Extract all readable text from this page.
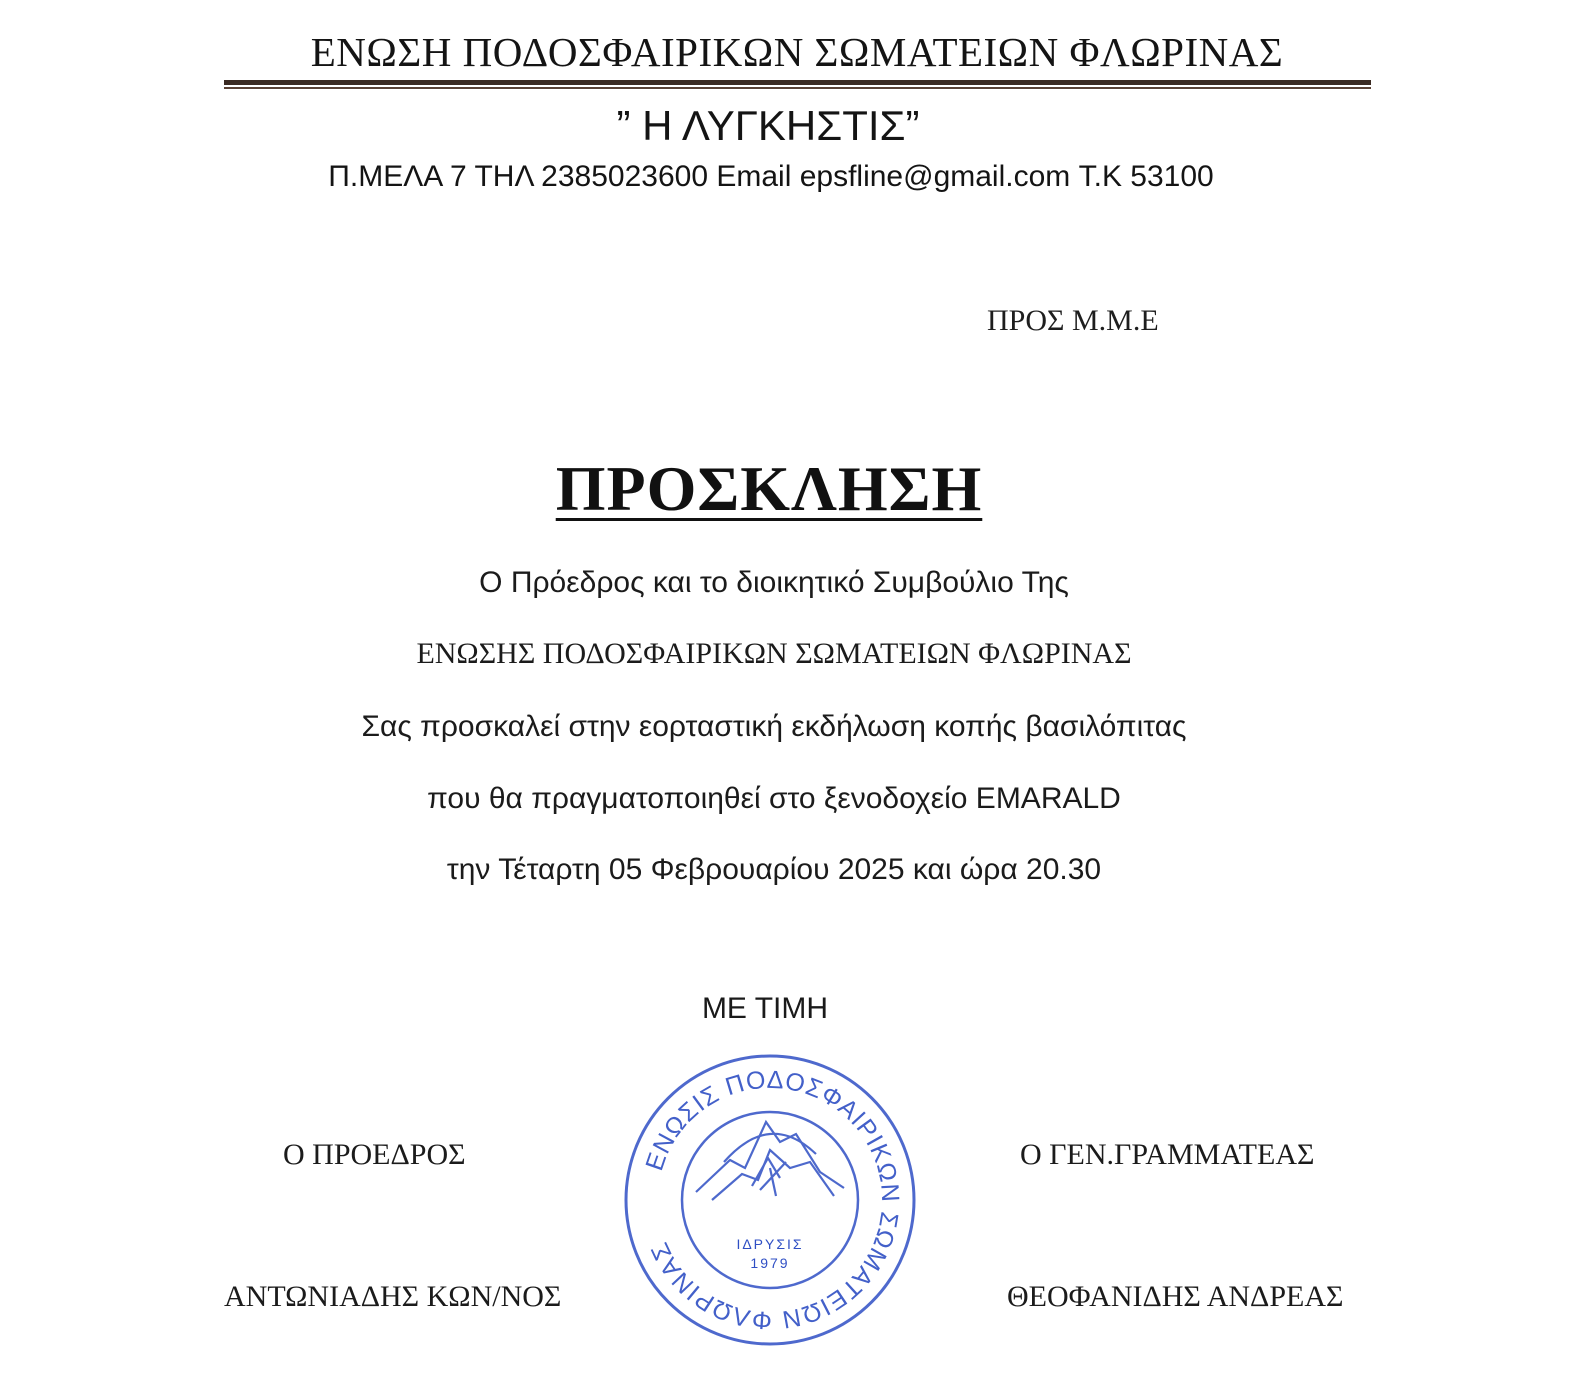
ΕΝΩΣΗ ΠΟΔΟΣΦΑΙΡΙΚΩΝ ΣΩΜΑΤΕΙΩΝ ΦΛΩΡΙΝΑΣ
” Η ΛΥΓΚΗΣΤΙΣ”
Π.ΜΕΛΑ 7 ΤΗΛ 2385023600 Email epsfline@gmail.com Τ.Κ 53100
ΠΡΟΣ Μ.Μ.Ε
ΠΡΟΣΚΛΗΣΗ
Ο Πρόεδρος και το διοικητικό Συμβούλιο Της
ΕΝΩΣΗΣ ΠΟΔΟΣΦΑΙΡΙΚΩΝ ΣΩΜΑΤΕΙΩΝ ΦΛΩΡΙΝΑΣ
Σας προσκαλεί στην εορταστική εκδήλωση κοπής βασιλόπιτας
που θα πραγματοποιηθεί στο ξενοδοχείο EMARALD
την Τέταρτη 05 Φεβρουαρίου 2025 και ώρα 20.30
ΜΕ ΤΙΜΗ
Ο ΠΡΟΕΔΡΟΣ	Ο ΓΕΝ.ΓΡΑΜΜΑΤΕΑΣ
ΑΝΤΩΝΙΑΔΗΣ ΚΩΝ/ΝΟΣ	ΘΕΟΦΑΝΙΔΗΣ ΑΝΔΡΕΑΣ
ΕΝΩΣΙΣ ΠΟΔΟΣΦΑΙΡΙΚΩΝ ΣΩΜΑΤΕΙΩΝ ΦΛΩΡΙΝΑΣ	ΙΔΡΥΣΙΣ
1979
